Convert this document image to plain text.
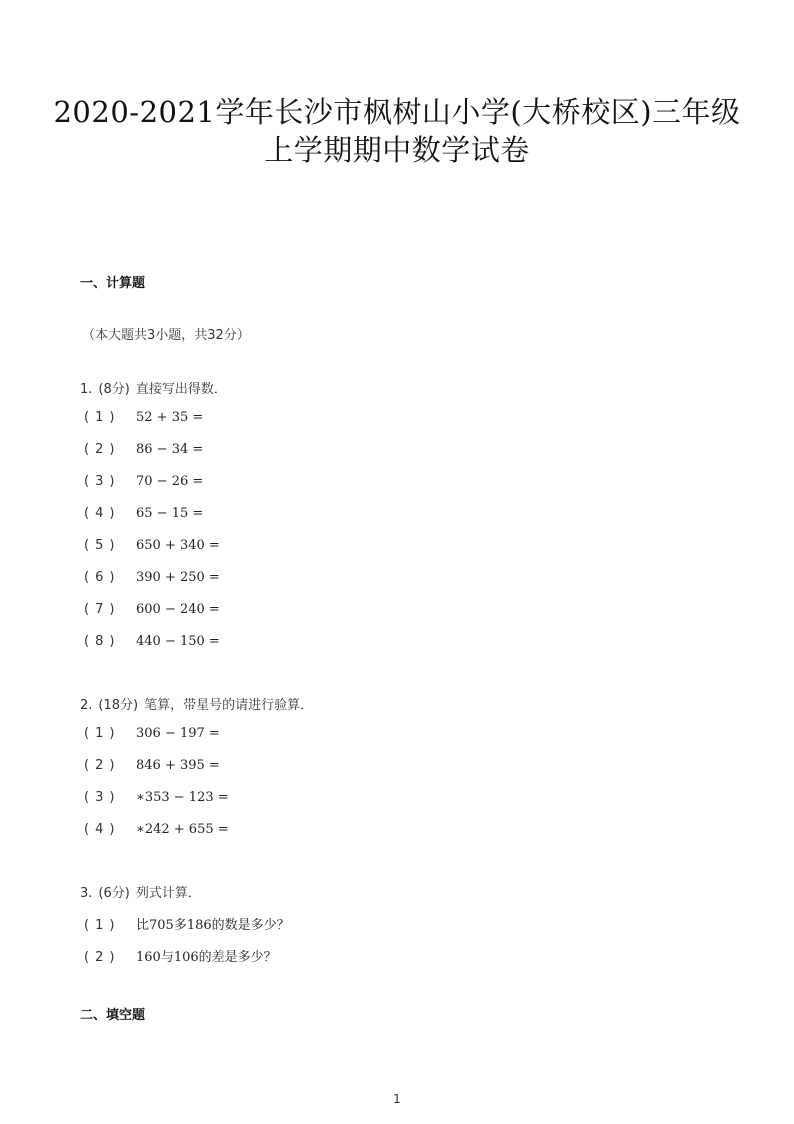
2020-2021学年长沙市枫树山小学(大桥校区)三年级
上学期期中数学试卷
一、计算题
（本大题共3小题，共32分）
1. (8分) 直接写出得数．
(1) 52 + 35 =
(2) 86 − 34 =
(3) 70 − 26 =
(4) 65 − 15 =
(5) 650 + 340 =
(6) 390 + 250 =
(7) 600 − 240 =
(8) 440 − 150 =
2. (18分) 笔算，带星号的请进行验算．
(1) 306 − 197 =
(2) 846 + 395 =
(3) ∗353 − 123 =
(4) ∗242 + 655 =
3. (6分) 列式计算．
(1) 比705多186的数是多少？
(2) 160与106的差是多少？
二、填空题
1
